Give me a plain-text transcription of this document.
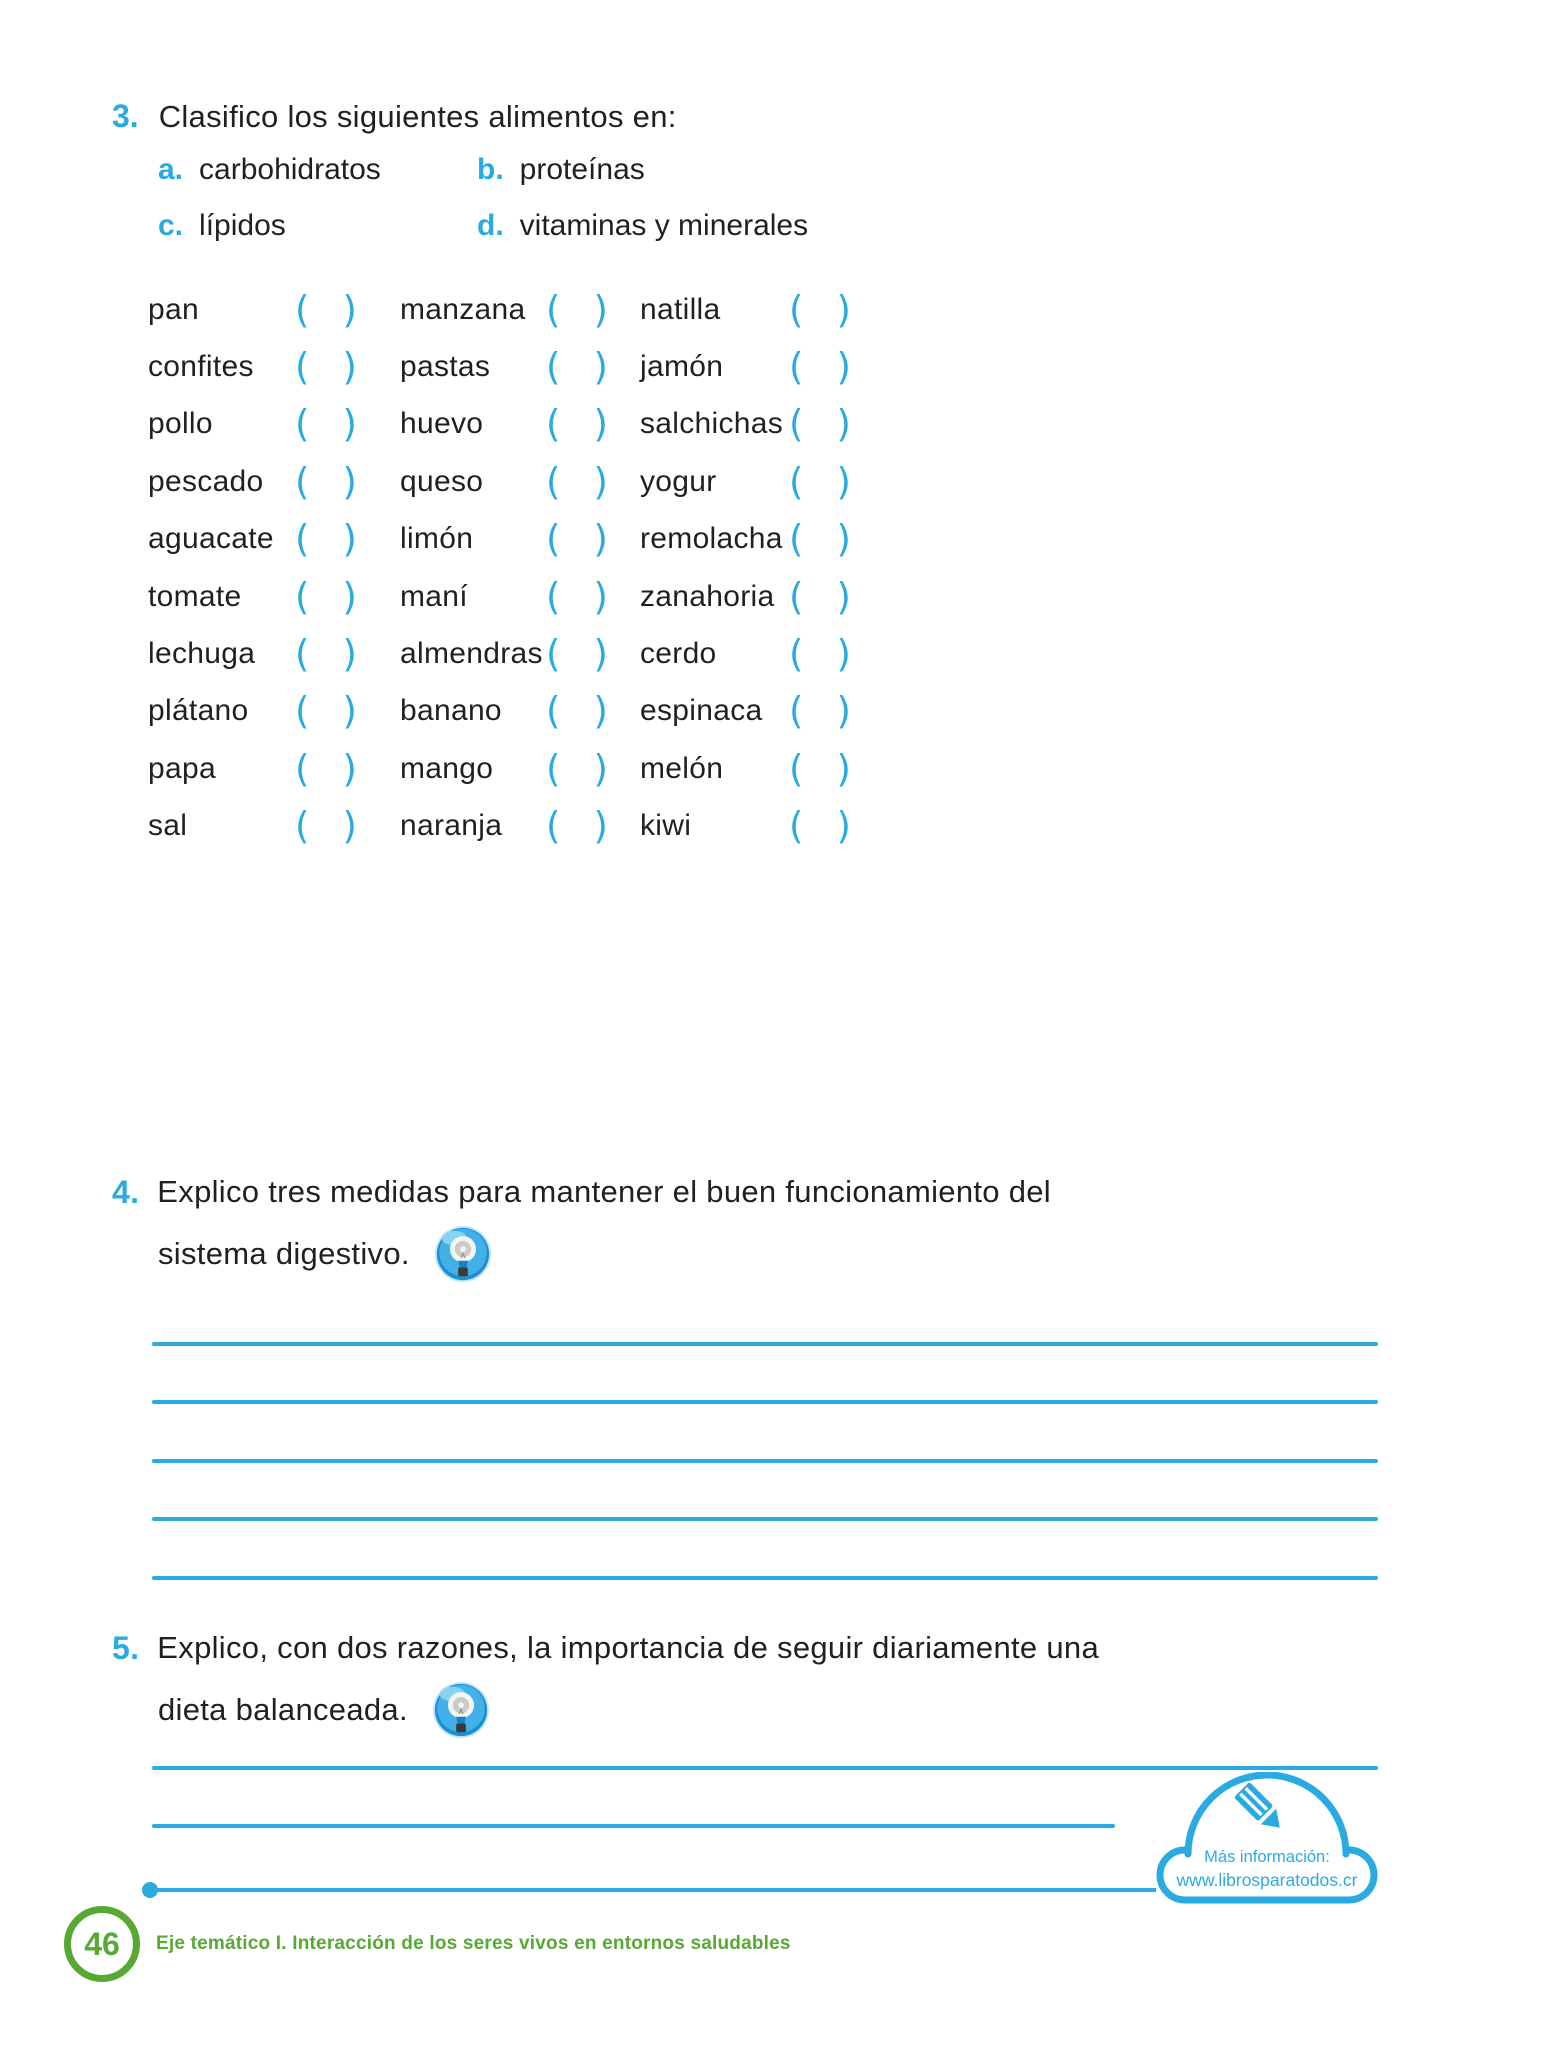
3. Clasifico los siguientes alimentos en:
a. carbohidratos	b. proteínas
c. lípidos	d. vitaminas y minerales
pan	( ) manzana ( ) natilla ( )
confites ( ) pastas ( ) jamón ( )
pollo ( ) huevo ( ) salchichas ( )
pescado ( ) queso ( ) yogur ( )
aguacate ( ) limón ( ) remolacha ( )
tomate ( ) maní ( ) zanahoria ( )
lechuga ( ) almendras ( ) cerdo ( )
plátano ( ) banano ( ) espinaca ( )
papa ( ) mango ( ) melón ( )
sal	( ) naranja ( ) kiwi	( )
4. Explico tres medidas para mantener el buen funcionamiento del
sistema digestivo.
5. Explico, con dos razones, la importancia de seguir diariamente una
dieta balanceada.
Más información:
www.librosparatodos.cr
46 Eje temático I. Interacción de los seres vivos en entornos saludables
